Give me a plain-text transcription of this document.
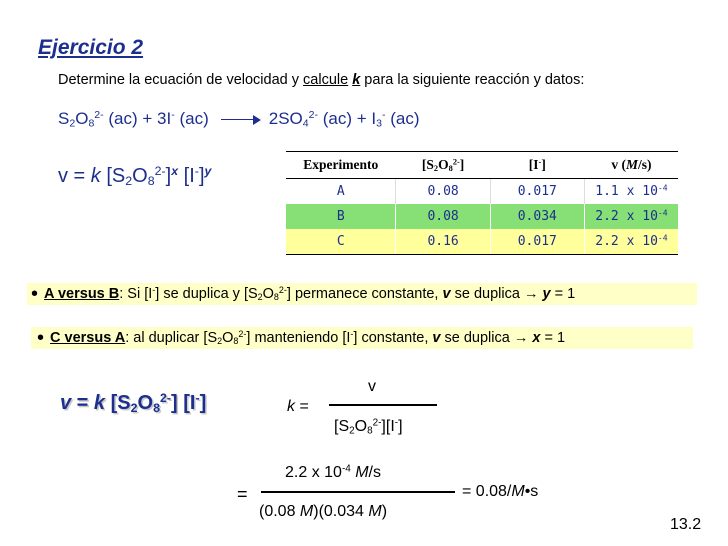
Ejercicio 2
Determine la ecuación de velocidad y calcule k para la siguiente reacción y datos:
$S_2O_8^{2-}$ (ac) + 3I- (ac)	$2SO_4^{2-}$ $(ac) + I_3^-$ (ac)
v = k $[S_2O_8^{2-}]^x$ $[I^-]^y$	Experimento	$[S_2O_8^{2-}]$	[I-]	v (M/s)
A	0.08	0.017	1.1 x $10^{-4}$
B	0.08	0.034	2.2 x $10^{-4}$
C	0.16	0.017	2.2 x $10^{-4}$
• A versus B: Si [I-] se duplica y $[S_2O_8^{2-}]$ permanece constante, v se duplica → y = 1
• C versus A: al duplicar $[S_2O_8^{2-}]$ manteniendo [I-] constante, v se duplica → x = 1
v = k $[S_2O_8^{2-}]$ [I-]	k =
v
$[S_2O_8^{2-}][I^-]$
=
2.2 x $10^{-4}$ M/s
(0.08 M)(0.034 M)
= 0.08/M•s
13.2
